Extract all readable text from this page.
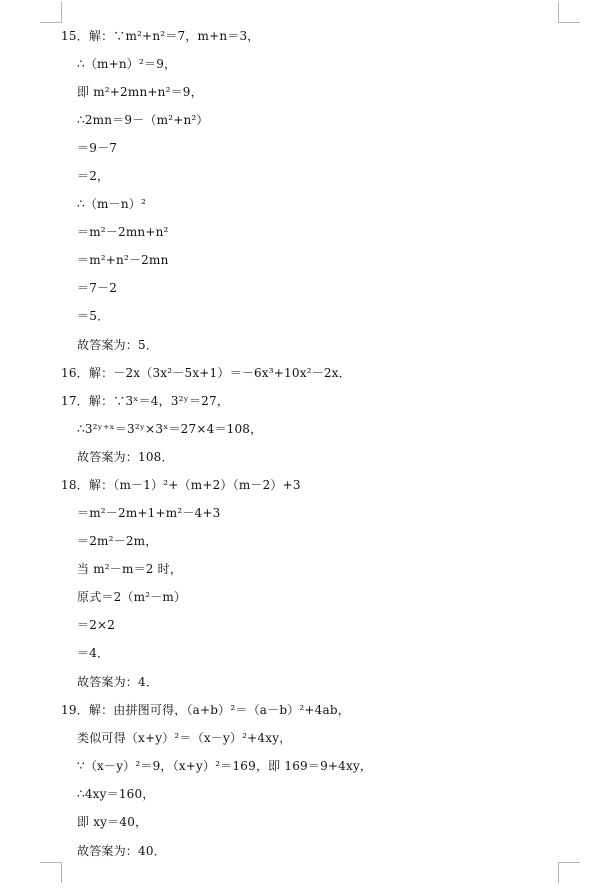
15．解：∵m²+n²＝7，m+n＝3，
∴（m+n）²＝9，
即 m²+2mn+n²＝9，
∴2mn＝9－（m²+n²）
＝9－7
＝2，
∴（m－n）²
＝m²－2mn+n²
＝m²+n²－2mn
＝7－2
＝5．
故答案为：5．
16．解：－2x（3x²－5x+1）＝－6x³+10x²－2x．
17．解：∵3ˣ＝4，3²ʸ＝27，
∴3²ʸ⁺ˣ＝3²ʸ×3ˣ＝27×4＝108，
故答案为：108．
18．解：（m－1）²+（m+2）（m－2）+3
＝m²－2m+1+m²－4+3
＝2m²－2m，
当 m²－m＝2 时，
原式＝2（m²－m）
＝2×2
＝4．
故答案为：4．
19．解：由拼图可得，（a+b）²＝（a－b）²+4ab，
类似可得（x+y）²＝（x－y）²+4xy，
∵（x－y）²＝9，（x+y）²＝169，即 169＝9+4xy，
∴4xy＝160，
即 xy＝40，
故答案为：40．
